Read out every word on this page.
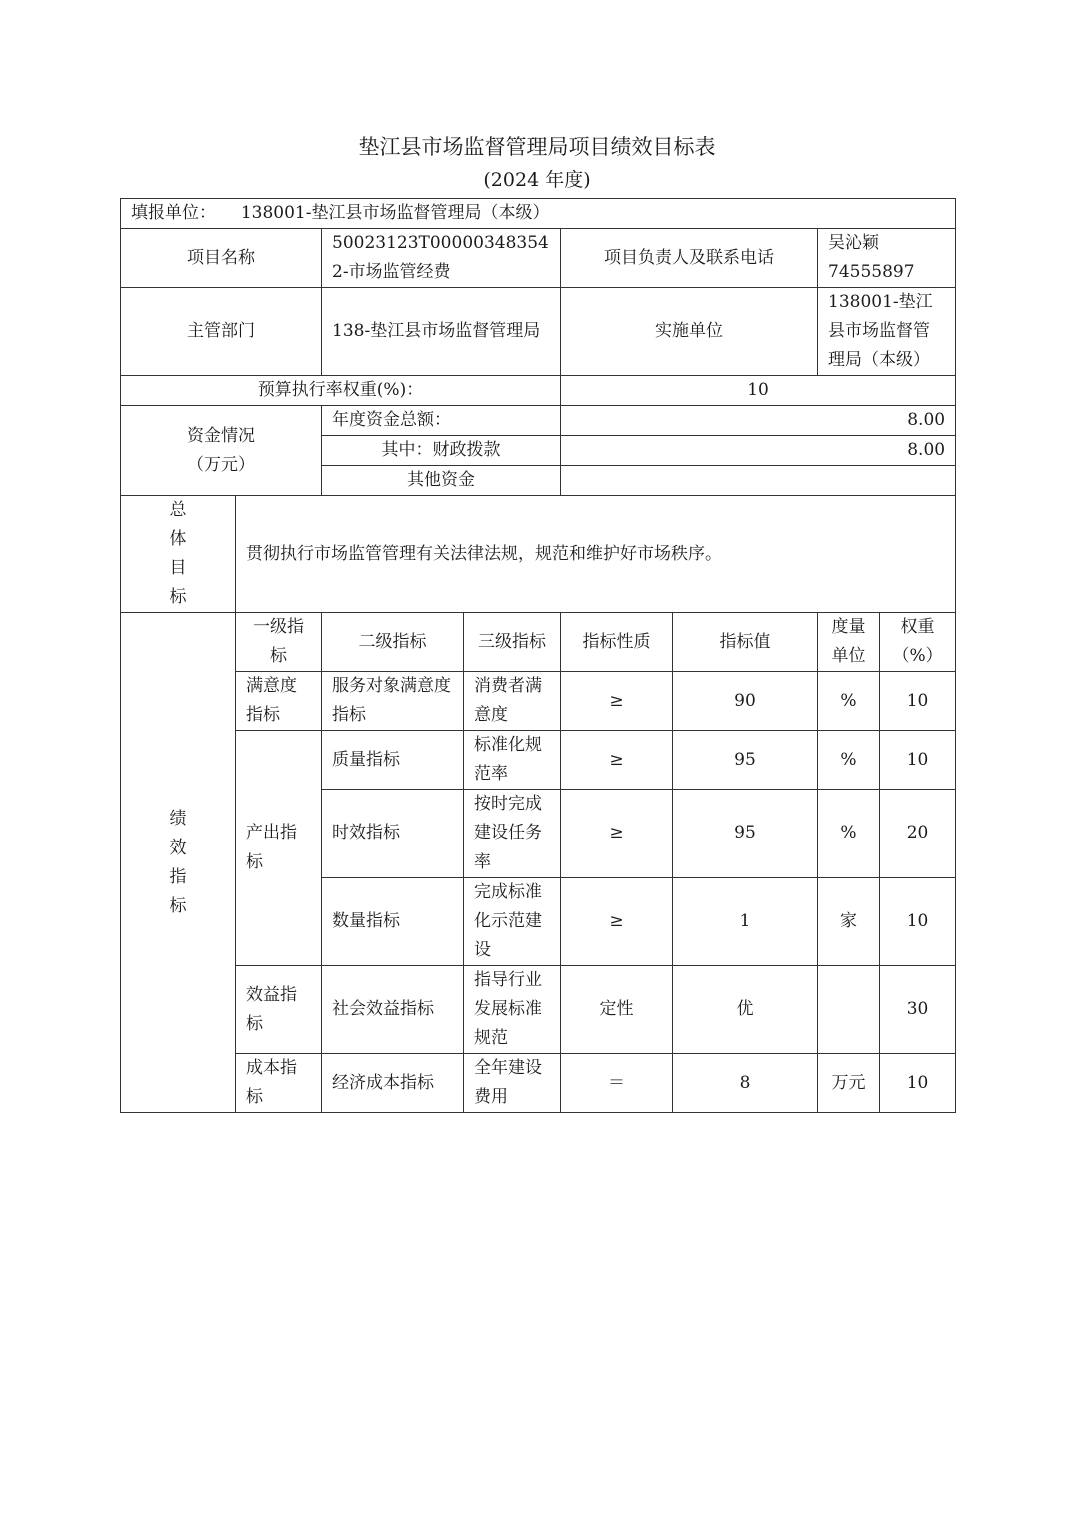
垫江县市场监督管理局项目绩效目标表
(2024 年度)
填报单位： 138001-垫江县市场监督管理局（本级）							
项目名称		50023123T000003483542-市场监管经费		项目负责人及联系电话		吴沁颖
74555897	

主管部门		138-垫江县市场监督管理局		实施单位		138001-垫江县市场监督管理局（本级）	
预算执行率权重(%)：				10			

资金情况
（万元）		年度资金总额：		8.00			
		其中：财政拨款		8.00			
		其他资金					

总
体
目
标	贯彻执行市场监管管理有关法律法规，规范和维护好市场秩序。						

绩
效
指
标	一级指标	二级指标	三级指标	指标性质	指标值	度量单位	权重（%）
	满意度指标	服务对象满意度指标	消费者满意度	≥	90	%	10
	产出指标	质量指标	标准化规范率	≥	95	%	10
		时效指标	按时完成建设任务率	≥	95	%	20
		数量指标	完成标准化示范建设	≥	1	家	10
	效益指标	社会效益指标	指导行业发展标准规范	定性	优		30
	成本指标	经济成本指标	全年建设费用	＝	8	万元	10
